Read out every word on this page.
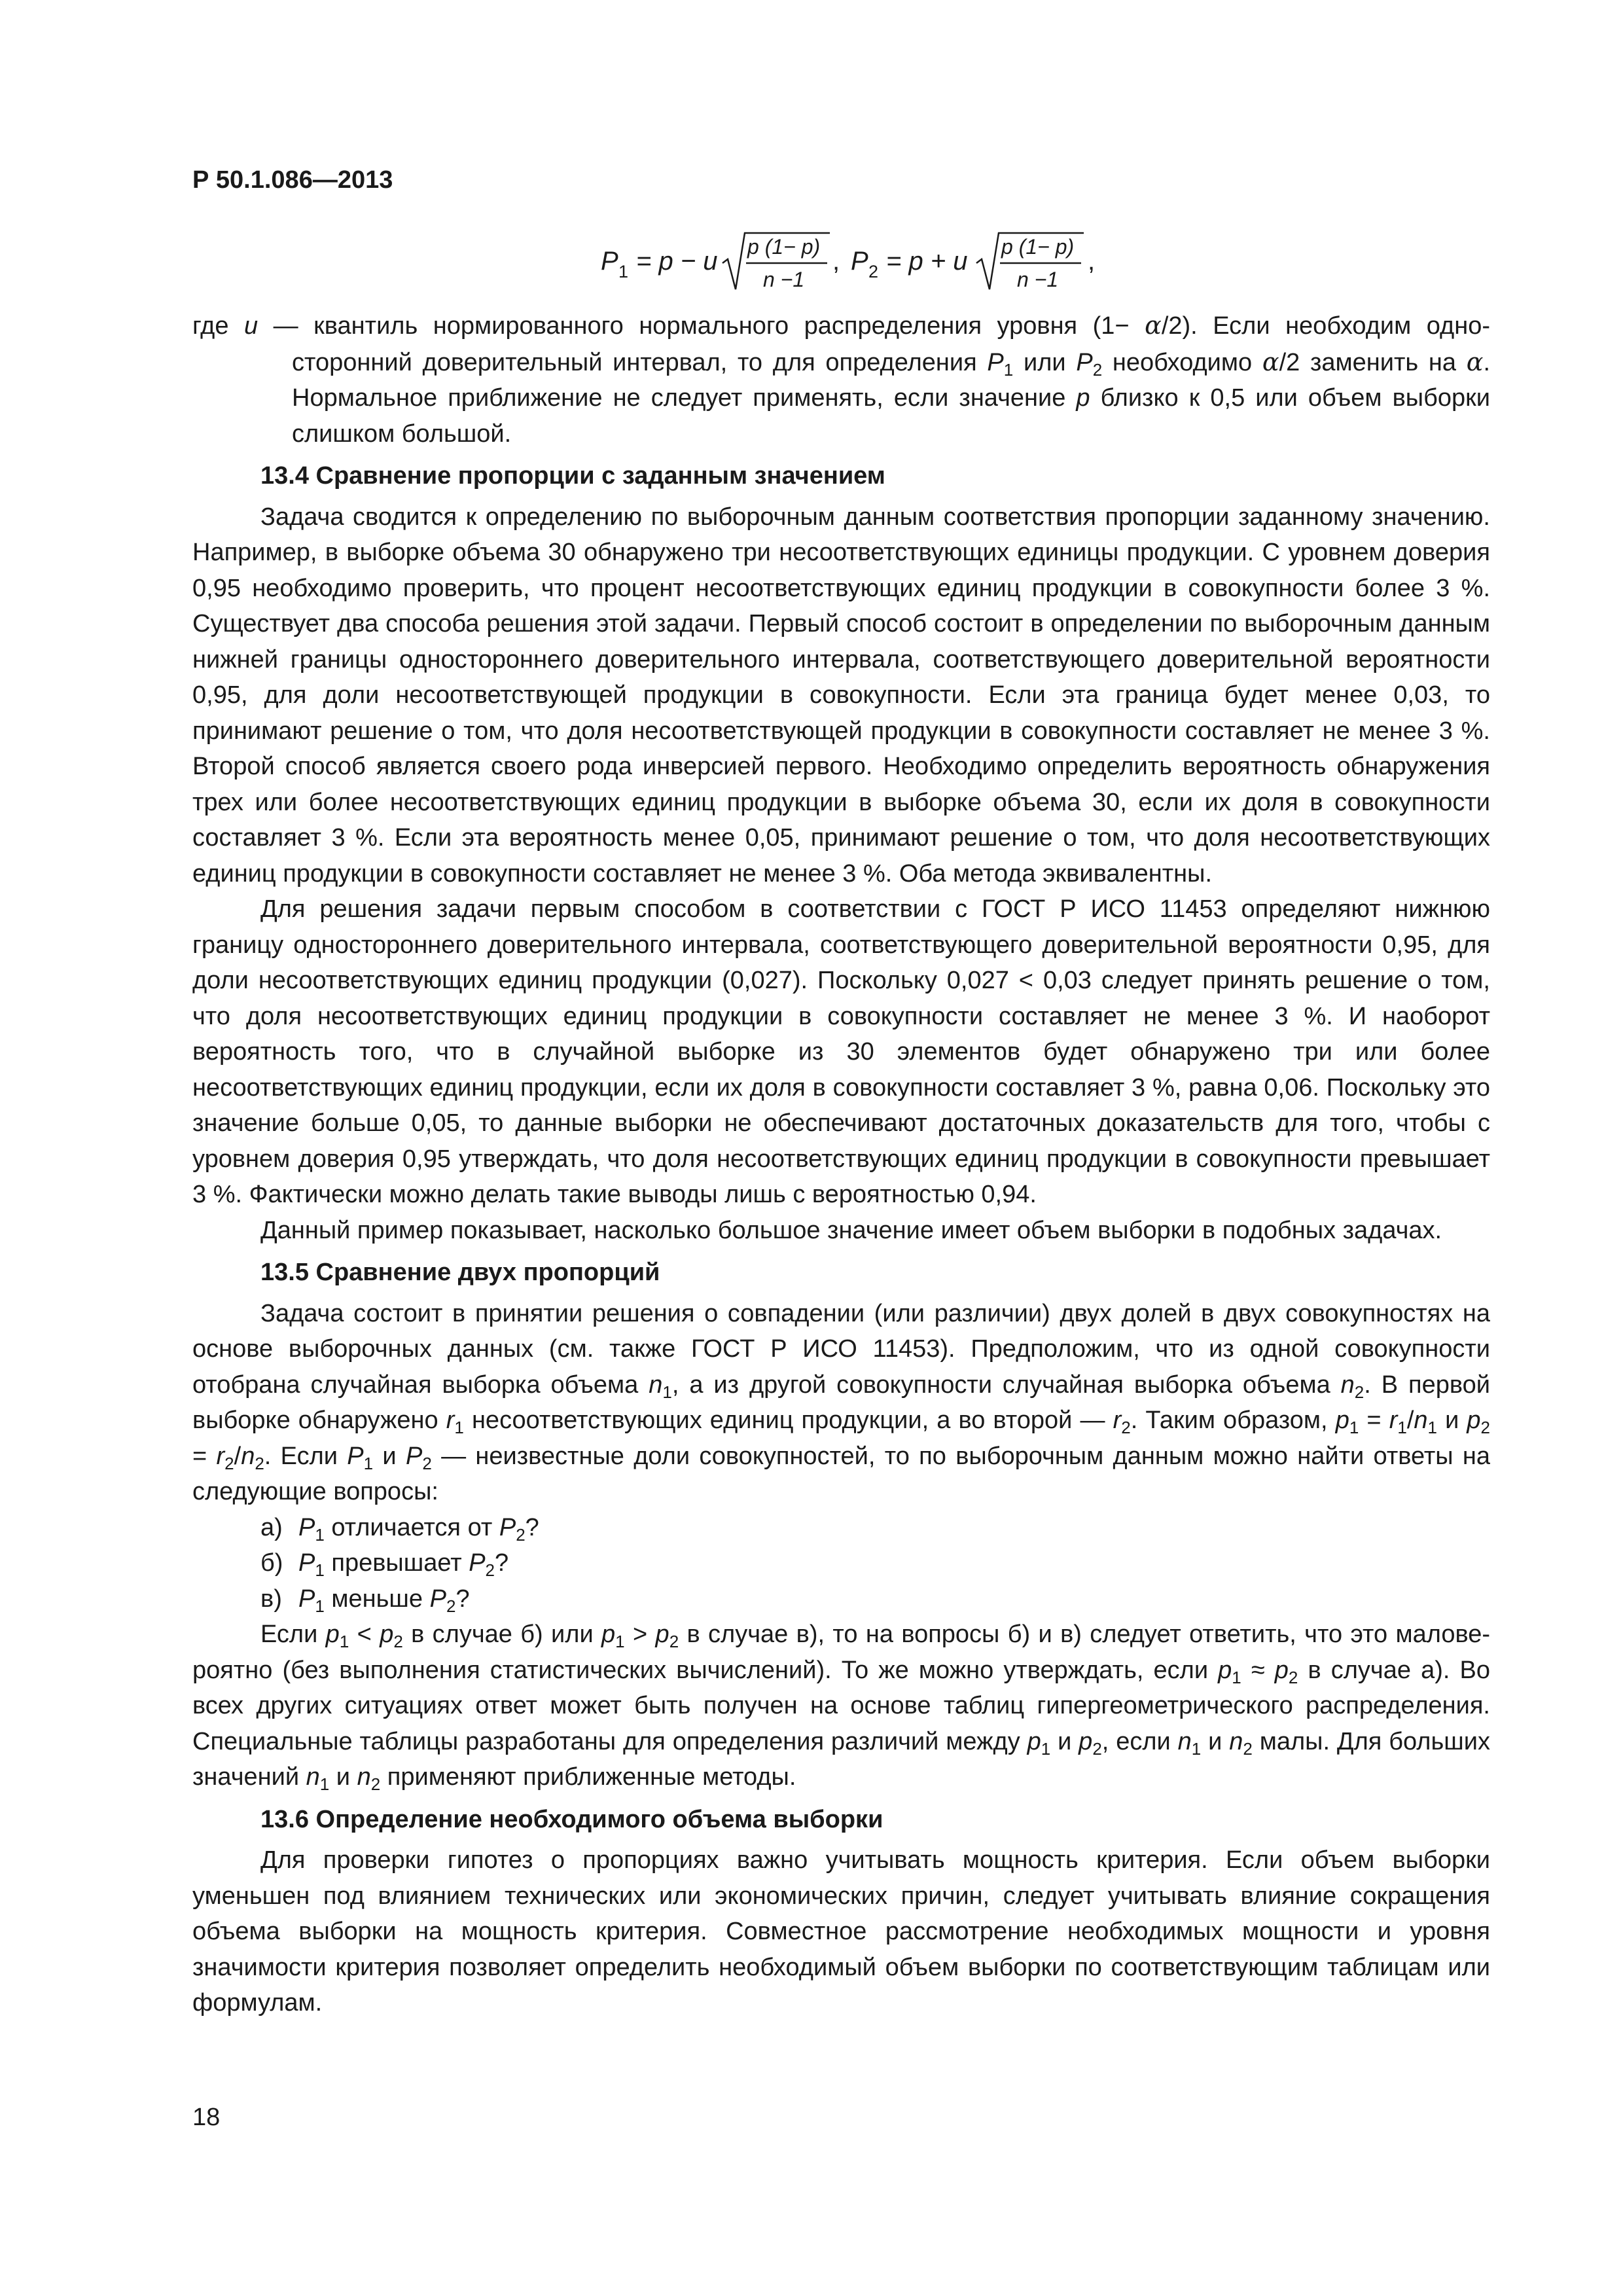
Р 50.1.086—2013
P 1 = p − u p (1− p)
n −1
, P 2 = p + u p (1− p)
n −1
,

где u — квантиль нормированного нормального распределения уровня (1− α/2). Если необходим односторонний доверительный интервал, то для определения $P_1$ или $P_2$ необходимо α/2 заменить на α. Нормальное приближение не следует применять, если значение p близко к 0,5 или объем выборки слишком большой.

13.4 Сравнение пропорции с заданным значением

Задача сводится к определению по выборочным данным соответствия пропорции заданному значению. Например, в выборке объема 30 обнаружено три несоответствующих единицы продукции. С уровнем доверия 0,95 необходимо проверить, что процент несоответствующих единиц продукции в совокупности более 3 %. Существует два способа решения этой задачи. Первый способ состоит в определении по выборочным данным нижней границы одностороннего доверительного интервала, соответствующего доверительной вероятности 0,95, для доли несоответствующей продукции в совокупности. Если эта граница будет менее 0,03, то принимают решение о том, что доля несоответствующей продукции в совокупности составляет не менее 3 %. Второй способ является своего рода инверсией первого. Необходимо определить вероятность обнаружения трех или более несоответствующих единиц продукции в выборке объема 30, если их доля в совокупности составляет 3 %. Если эта вероятность менее 0,05, принимают решение о том, что доля несоответствующих единиц продукции в совокупности составляет не менее 3 %. Оба метода эквивалентны.

Для решения задачи первым способом в соответствии с ГОСТ Р ИСО 11453 определяют нижнюю границу одностороннего доверительного интервала, соответствующего доверительной вероятности 0,95, для доли несоответствующих единиц продукции (0,027). Поскольку 0,027 < 0,03 следует принять решение о том, что доля несоответствующих единиц продукции в совокупности составляет не менее 3 %. И наоборот вероятность того, что в случайной выборке из 30 элементов будет обнаружено три или более несоответствующих единиц продукции, если их доля в совокупности составляет 3 %, равна 0,06. Поскольку это значение больше 0,05, то данные выборки не обеспечивают достаточных доказательств для того, чтобы с уровнем доверия 0,95 утверждать, что доля несоответствующих единиц продукции в совокупности превышает 3 %. Фактически можно делать такие выводы лишь с вероятностью 0,94.

Данный пример показывает, насколько большое значение имеет объем выборки в подобных задачах.

13.5 Сравнение двух пропорций

Задача состоит в принятии решения о совпадении (или различии) двух долей в двух совокупностях на основе выборочных данных (см. также ГОСТ Р ИСО 11453). Предположим, что из одной совокупности отобрана случайная выборка объема $n_1$, а из другой совокупности случайная выборка объема $n_2$. В первой выборке обнаружено $r_1$ несоответствующих единиц продукции, а во второй — $r_2$. Таким образом, $p_1 = r_1/n_1$ и $p_2 = r_2/n_2$. Если $P_1$ и $P_2$ — неизвестные доли совокупностей, то по выборочным данным можно найти ответы на следующие вопросы:

а) $P_1$ отличается от $P_2$?
б) $P_1$ превышает $P_2$?
в) $P_1$ меньше $P_2$?

Если $p_1 < p_2$ в случае б) или $p_1 > p_2$ в случае в), то на вопросы б) и в) следует ответить, что это маловероятно (без выполнения статистических вычислений). То же можно утверждать, если $p_1 \approx p_2$ в случае а). Во всех других ситуациях ответ может быть получен на основе таблиц гипергеометрического распределения. Специальные таблицы разработаны для определения различий между $p_1$ и $p_2$, если $n_1$ и $n_2$ малы. Для больших значений $n_1$ и $n_2$ применяют приближенные методы.

13.6 Определение необходимого объема выборки

Для проверки гипотез о пропорциях важно учитывать мощность критерия. Если объем выборки уменьшен под влиянием технических или экономических причин, следует учитывать влияние сокращения объема выборки на мощность критерия. Совместное рассмотрение необходимых мощности и уровня значимости критерия позволяет определить необходимый объем выборки по соответствующим таблицам или формулам.

18
